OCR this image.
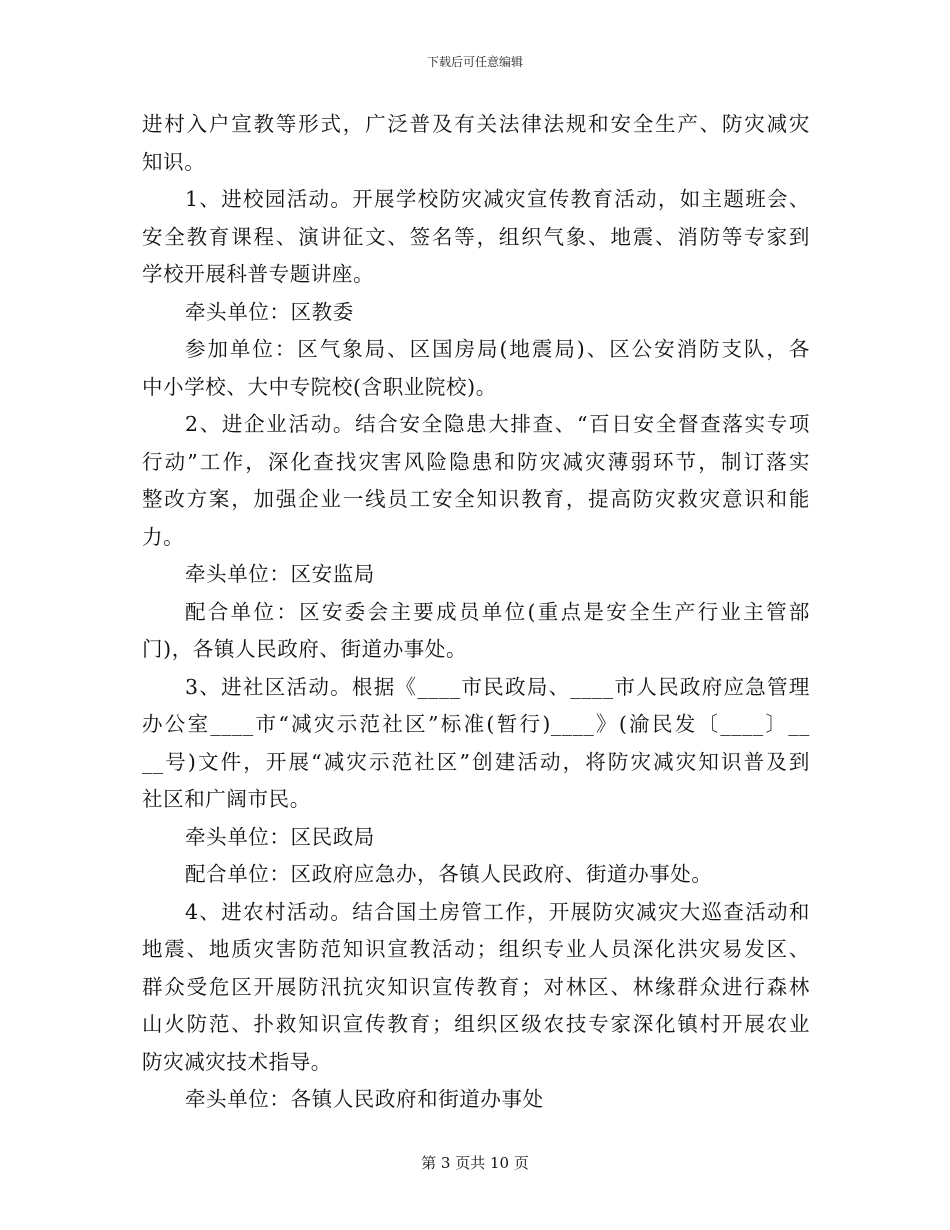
下载后可任意编辑

进村入户宣教等形式，广泛普及有关法律法规和安全生产、防灾减灾
知识。

1、进校园活动。开展学校防灾减灾宣传教育活动，如主题班会、
安全教育课程、演讲征文、签名等，组织气象、地震、消防等专家到
学校开展科普专题讲座。

牵头单位：区教委

参加单位：区气象局、区国房局(地震局)、区公安消防支队，各
中小学校、大中专院校(含职业院校)。

2、进企业活动。结合安全隐患大排查、“百日安全督查落实专项
行动”工作，深化查找灾害风险隐患和防灾减灾薄弱环节，制订落实
整改方案，加强企业一线员工安全知识教育，提高防灾救灾意识和能
力。

牵头单位：区安监局

配合单位：区安委会主要成员单位(重点是安全生产行业主管部
门)，各镇人民政府、街道办事处。

3、进社区活动。根据《____市民政局、____市人民政府应急管理
办公室____市“减灾示范社区”标准(暂行)____》(渝民发〔____〕__
__号)文件，开展“减灾示范社区”创建活动，将防灾减灾知识普及到
社区和广阔市民。

牵头单位：区民政局

配合单位：区政府应急办，各镇人民政府、街道办事处。

4、进农村活动。结合国土房管工作，开展防灾减灾大巡查活动和
地震、地质灾害防范知识宣教活动；组织专业人员深化洪灾易发区、
群众受危区开展防汛抗灾知识宣传教育；对林区、林缘群众进行森林
山火防范、扑救知识宣传教育；组织区级农技专家深化镇村开展农业
防灾减灾技术指导。

牵头单位：各镇人民政府和街道办事处

第 3 页共 10 页
